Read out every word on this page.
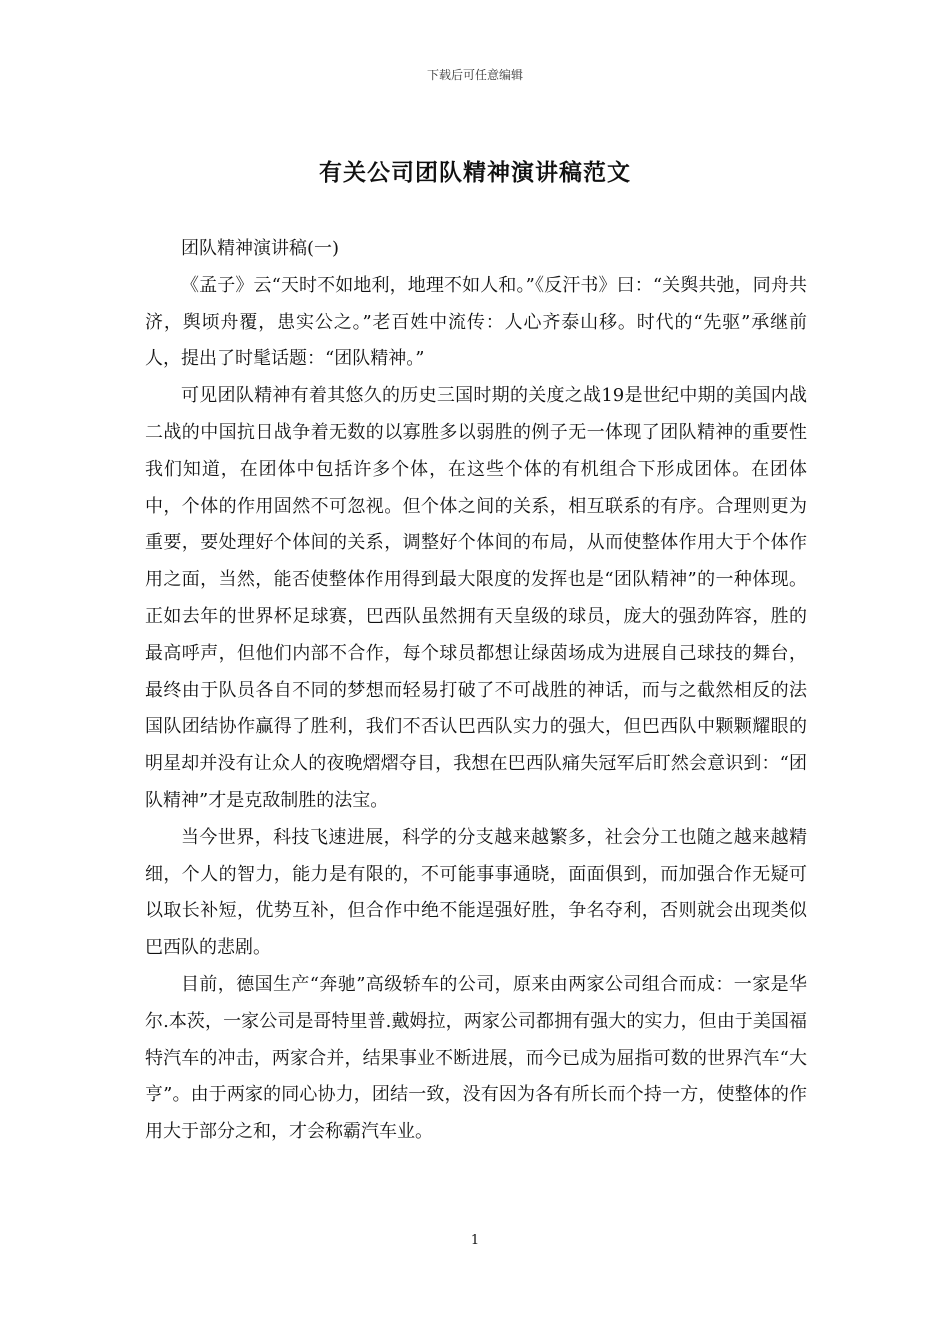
下载后可任意编辑
有关公司团队精神演讲稿范文

团队精神演讲稿(一)

《孟子》云“天时不如地利，地理不如人和。”《反汗书》曰：“关舆共弛，同舟共济，舆顷舟覆，患实公之。”老百姓中流传：人心齐泰山移。时代的“先驱”承继前人，提出了时髦话题：“团队精神。”

可见团队精神有着其悠久的历史三国时期的关度之战19是世纪中期的美国内战二战的中国抗日战争着无数的以寡胜多以弱胜的例子无一体现了团队精神的重要性我们知道，在团体中包括许多个体，在这些个体的有机组合下形成团体。在团体中，个体的作用固然不可忽视。但个体之间的关系，相互联系的有序。合理则更为重要，要处理好个体间的关系，调整好个体间的布局，从而使整体作用大于个体作用之面，当然，能否使整体作用得到最大限度的发挥也是“团队精神”的一种体现。正如去年的世界杯足球赛，巴西队虽然拥有天皇级的球员，庞大的强劲阵容，胜的最高呼声，但他们内部不合作，每个球员都想让绿茵场成为进展自己球技的舞台，最终由于队员各自不同的梦想而轻易打破了不可战胜的神话，而与之截然相反的法国队团结协作赢得了胜利，我们不否认巴西队实力的强大，但巴西队中颗颗耀眼的明星却并没有让众人的夜晚熠熠夺目，我想在巴西队痛失冠军后盯然会意识到：“团队精神”才是克敌制胜的法宝。

当今世界，科技飞速进展，科学的分支越来越繁多，社会分工也随之越来越精细，个人的智力，能力是有限的，不可能事事通晓，面面俱到，而加强合作无疑可以取长补短，优势互补，但合作中绝不能逞强好胜，争名夺利，否则就会出现类似巴西队的悲剧。

目前，德国生产“奔驰”高级轿车的公司，原来由两家公司组合而成：一家是华尔.本茨，一家公司是哥特里普.戴姆拉，两家公司都拥有强大的实力，但由于美国福特汽车的冲击，两家合并，结果事业不断进展，而今已成为屈指可数的世界汽车“大亨”。由于两家的同心协力，团结一致，没有因为各有所长而个持一方，使整体的作用大于部分之和，才会称霸汽车业。

1
